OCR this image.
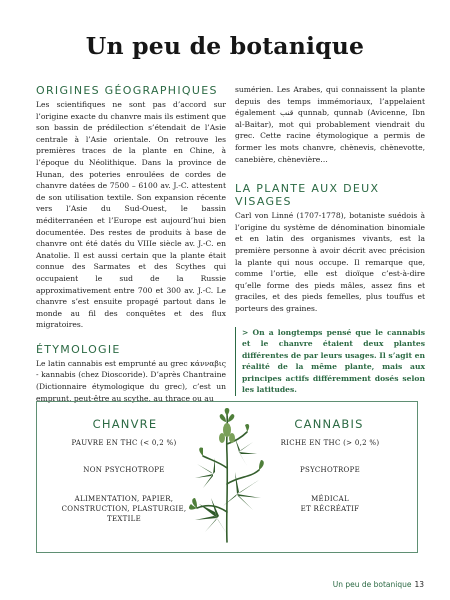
Un peu de botanique
ORIGINES GÉOGRAPHIQUES

Les scientifiques ne sont pas d’accord sur l’origine exacte du chanvre mais ils estiment que son bassin de prédilection s’étendait de l’Asie centrale à l’Asie orientale. On retrouve les premières traces de la plante en Chine, à l’époque du Néolithique. Dans la province de Hunan, des poteries enroulées de cordes de chanvre datées de 7500 – 6100 av. J.-C. attestent de son utilisation textile. Son expansion récente vers l’Asie du Sud-Ouest, le bassin méditerranéen et l’Europe est aujourd’hui bien documentée. Des restes de produits à base de chanvre ont été datés du VIIIe siècle av. J.-C. en Anatolie. Il est aussi certain que la plante était connue des Sarmates et des Scythes qui occupaient le sud de la Russie approximativement entre 700 et 300 av. J.-C. Le chanvre s’est ensuite propagé partout dans le monde au fil des conquêtes et des flux migratoires.

ÉTYMOLOGIE

Le latin cannabis est emprunté au grec κάνναβις - kannabis (chez Dioscoride). D’après Chantraine (Dictionnaire étymologique du grec), c’est un emprunt, peut-être au scythe, au thrace ou au

sumérien. Les Arabes, qui connaissent la plante depuis des temps immémoriaux, l’appelaient également قنب qunnab, qunnab (Avicenne, Ibn al-Baitar), mot qui probablement viendrait du grec. Cette racine étymologique a permis de former les mots chanvre, chènevis, chènevotte, canebière, chènevière…

LA PLANTE AUX DEUX VISAGES

Carl von Linné (1707-1778), botaniste suédois à l’origine du système de dénomination binomiale et en latin des organismes vivants, est la première personne à avoir décrit avec précision la plante qui nous occupe. Il remarque que, comme l’ortie, elle est dioïque c’est-à-dire qu’elle forme des pieds mâles, assez fins et graciles, et des pieds femelles, plus touffus et porteurs des graines.

> On a longtemps pensé que le cannabis et le chanvre étaient deux plantes différentes de par leurs usages. Il s’agit en réalité de la même plante, mais aux principes actifs différemment dosés selon les latitudes.
CHANVRE	CANNABIS
PAUVRE EN THC (< 0,2 %)
NON PSYCHOTROPE
ALIMENTATION, PAPIER,
CONSTRUCTION, PLASTURGIE, TEXTILE
RICHE EN THC (> 0,2 %)
PSYCHOTROPE
MÉDICAL
ET RÉCRÉATIF
Un peu de botanique 13
